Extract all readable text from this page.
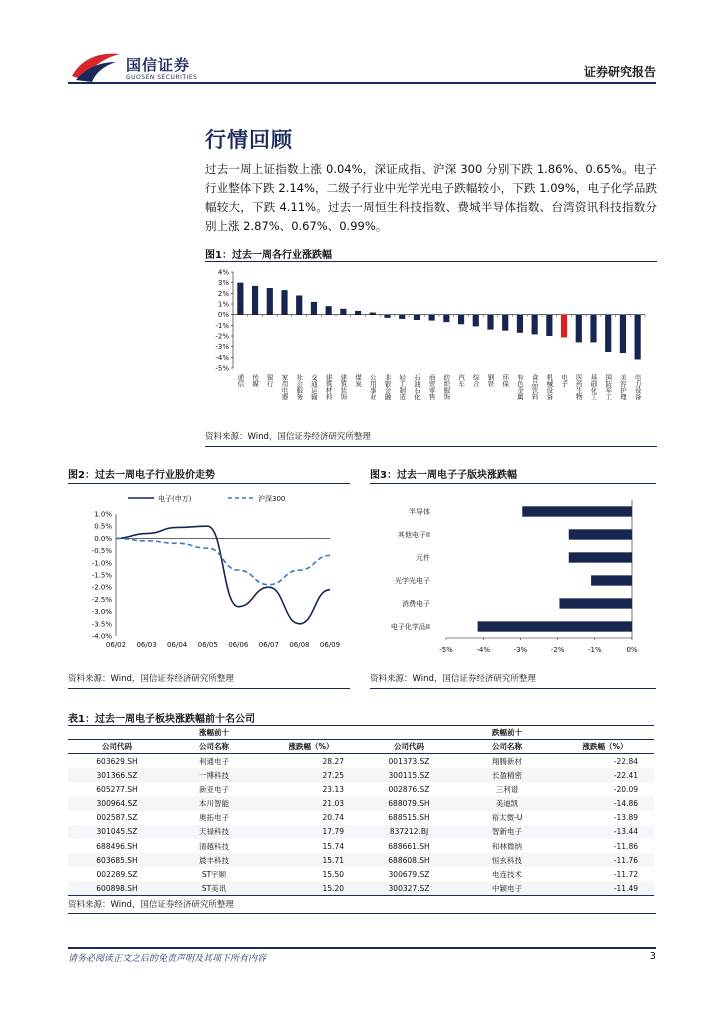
国信证券
GUOSEN SECURITIES	证券研究报告
行情回顾
过去一周上证指数上涨 0.04%，深证成指、沪深 300 分别下跌 1.86%、0.65%。电子行业整体下跌 2.14%，二级子行业中光学光电子跌幅较小，下跌 1.09%，电子化学品跌幅较大，下跌 4.11%。过去一周恒生科技指数、费城半导体指数、台湾资讯科技指数分别上涨 2.87%、0.67%、0.99%。
图1：过去一周各行业涨跌幅
4%
3%
2%
1%
0%
-1%
-2%
-3%
-4%
-5%
通信 传媒 银行 家用电器 社会服务 交通运输 建筑材料 建筑装饰 煤炭 公用事业 非银金融 轻工制造 石油石化 商贸零售 纺织服饰 汽车 综合 钢铁 环保 有色金属 食品饮料 机械设备 电子 医药生物 基础化工 国防军工 美容护理 电力设备
资料来源：Wind，国信证券经济研究所整理
图2：过去一周电子行业股价走势
电子(申万)	沪深300
1.0%
0.5%
0.0%
-0.5%
-1.0%
-1.5%
-2.0%
-2.5%
-3.0%
-3.5%
-4.0%
06/02 06/03 06/04 06/05 06/06 06/07 06/08 06/09
资料来源：Wind，国信证券经济研究所整理
图3：过去一周电子子版块涨跌幅
-5%	-4%	-3%	-2%	-1%	0%
半导体
其他电子II
元件
光学光电子
消费电子
电子化学品II
资料来源：Wind，国信证券经济研究所整理
表1：过去一周电子板块涨跌幅前十名公司
涨幅前十			跌幅前十		
公司代码	公司名称	涨跌幅（%）	公司代码	公司名称	涨跌幅（%）
603629.SH	利通电子	28.27	001373.SZ	翔腾新材	-22.84
301366.SZ	一博科技	27.25	300115.SZ	长盈精密	-22.41
605277.SH	新亚电子	23.13	002876.SZ	三利谱	-20.09
300964.SZ	本川智能	21.03	688079.SH	美迪凯	-14.86
002587.SZ	奥拓电子	20.74	688515.SH	裕太微-U	-13.89
301045.SZ	天禄科技	17.79	837212.BJ	智新电子	-13.44
688496.SH	清越科技	15.74	688661.SH	和林微纳	-11.86
603685.SH	晨丰科技	15.71	688608.SH	恒玄科技	-11.76
002289.SZ	ST宇顺	15.50	300679.SZ	电连技术	-11.72
600898.SH	ST美讯	15.20	300327.SZ	中颖电子	-11.49
资料来源：Wind，国信证券经济研究所整理
请务必阅读正文之后的免责声明及其项下所有内容	3
